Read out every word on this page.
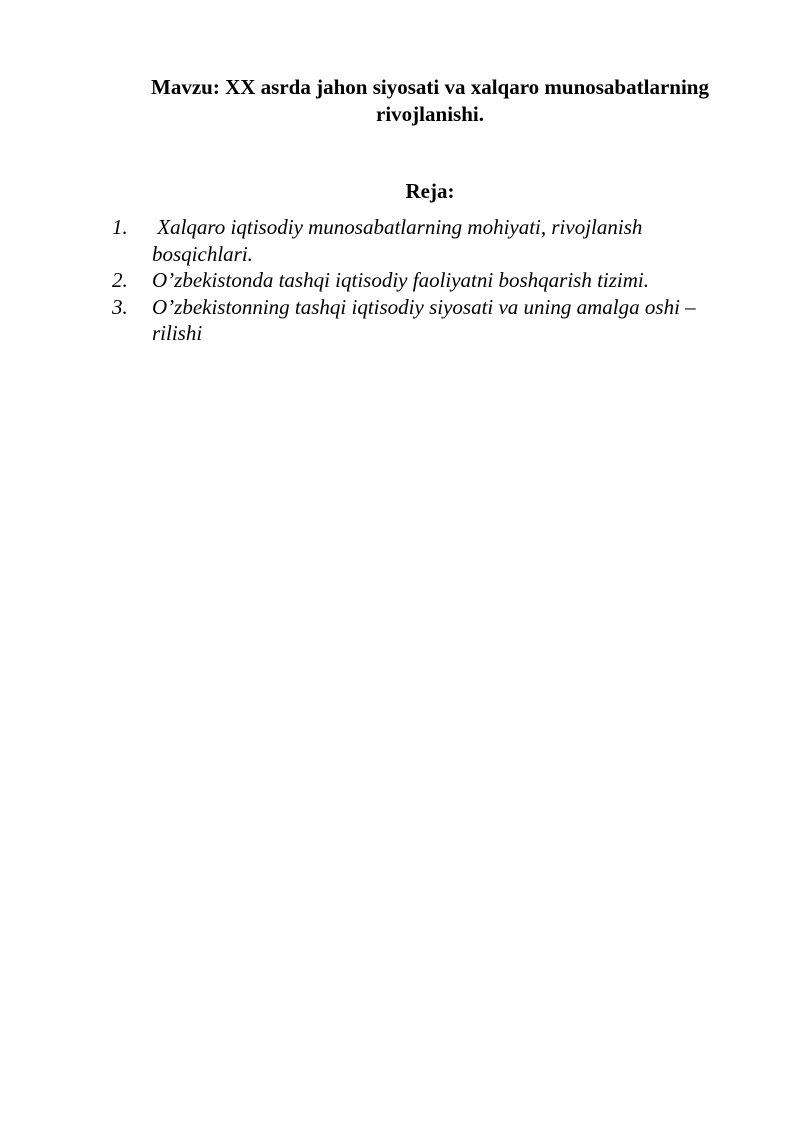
Mavzu: XX asrda jahon siyosati va xalqaro munosabatlarning
rivojlanishi.
Reja:
1.	Xalqaro iqtisodiy munosabatlarning mohiyati, rivojlanish bosqichlari.
2.	O’zbekistonda tashqi iqtisodiy faoliyatni boshqarish tizimi.
3.	O’zbekistonning tashqi iqtisodiy siyosati va uning amalga oshi – rilishi
